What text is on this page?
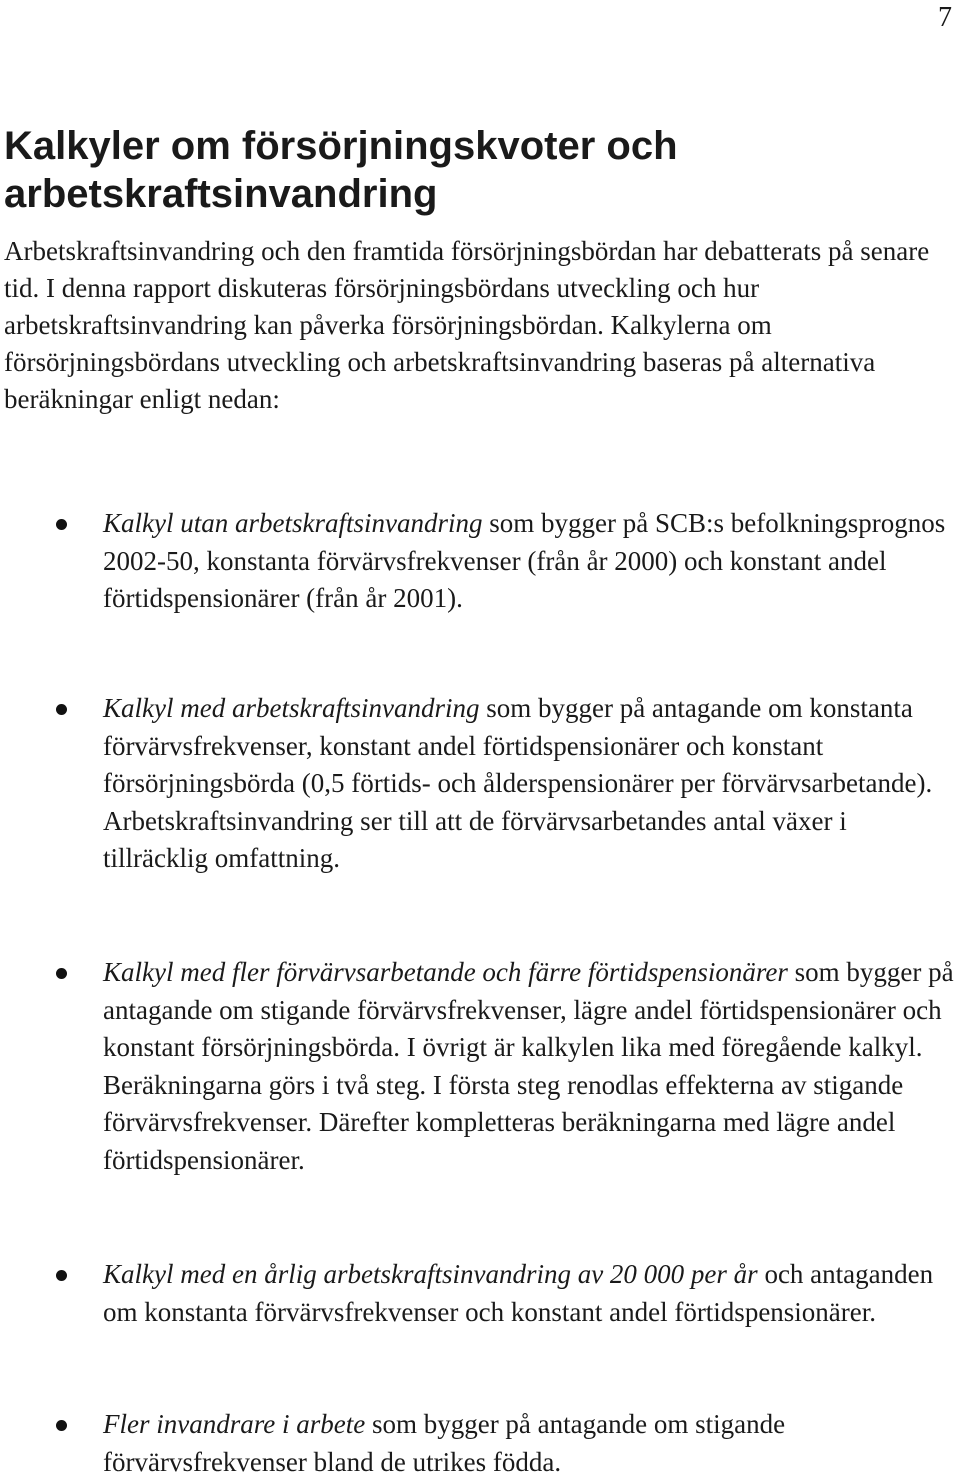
7
Kalkyler om försörjningskvoter och arbetskraftsinvandring

Arbetskraftsinvandring och den framtida försörjningsbördan har debatterats på senare tid. I denna rapport diskuteras försörjningsbördans utveckling och hur arbetskraftsinvandring kan påverka försörjningsbördan. Kalkylerna om försörjningsbördans utveckling och arbetskraftsinvandring baseras på alternativa beräkningar enligt nedan:

Kalkyl utan arbetskraftsinvandring som bygger på SCB:s befolkningsprognos 2002-50, konstanta förvärvsfrekvenser (från år 2000) och konstant andel förtidspensionärer (från år 2001).
Kalkyl med arbetskraftsinvandring som bygger på antagande om konstanta förvärvsfrekvenser, konstant andel förtidspensionärer och konstant försörjningsbörda (0,5 förtids- och ålderspensionärer per förvärvsarbetande). Arbetskraftsinvandring ser till att de förvärvsarbetandes antal växer i tillräcklig omfattning.
Kalkyl med fler förvärvsarbetande och färre förtidspensionärer som bygger på antagande om stigande förvärvsfrekvenser, lägre andel förtidspensionärer och konstant försörjningsbörda. I övrigt är kalkylen lika med föregående kalkyl. Beräkningarna görs i två steg. I första steg renodlas effekterna av stigande förvärvsfrekvenser. Därefter kompletteras beräkningarna med lägre andel förtidspensionärer.
Kalkyl med en årlig arbetskraftsinvandring av 20 000 per år och antaganden om konstanta förvärvsfrekvenser och konstant andel förtidspensionärer.
Fler invandrare i arbete som bygger på antagande om stigande förvärvsfrekvenser bland de utrikes födda.
